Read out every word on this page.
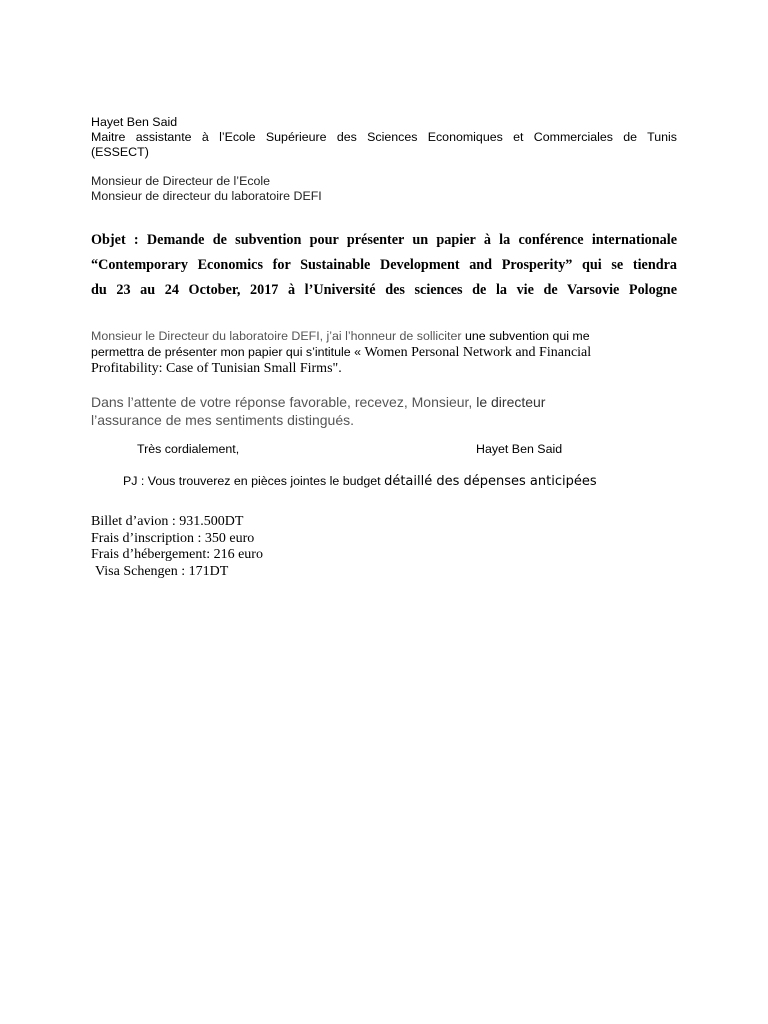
Hayet Ben Said
Maitre assistante à l’Ecole Supérieure des Sciences Economiques et Commerciales de Tunis
(ESSECT)
Monsieur de Directeur de l’Ecole
Monsieur de directeur du laboratoire DEFI
Objet : Demande de subvention pour présenter un papier à la conférence internationale
“Contemporary Economics for Sustainable Development and Prosperity” qui se tiendra
du 23 au 24 October, 2017 à l’Université des sciences de la vie de Varsovie Pologne
Monsieur le Directeur du laboratoire DEFI, j’ai l’honneur de solliciter une subvention qui me
permettra de présenter mon papier qui s’intitule « Women Personal Network and Financial
Profitability: Case of Tunisian Small Firms".
Dans l’attente de votre réponse favorable, recevez, Monsieur, le directeur
l’assurance de mes sentiments distingués.
Très cordialement,	Hayet Ben Said
PJ : Vous trouverez en pièces jointes le budget détaillé des dépenses anticipées
Billet d’avion : 931.500DT
Frais d’inscription : 350 euro
Frais d’hébergement: 216 euro
Visa Schengen : 171DT
